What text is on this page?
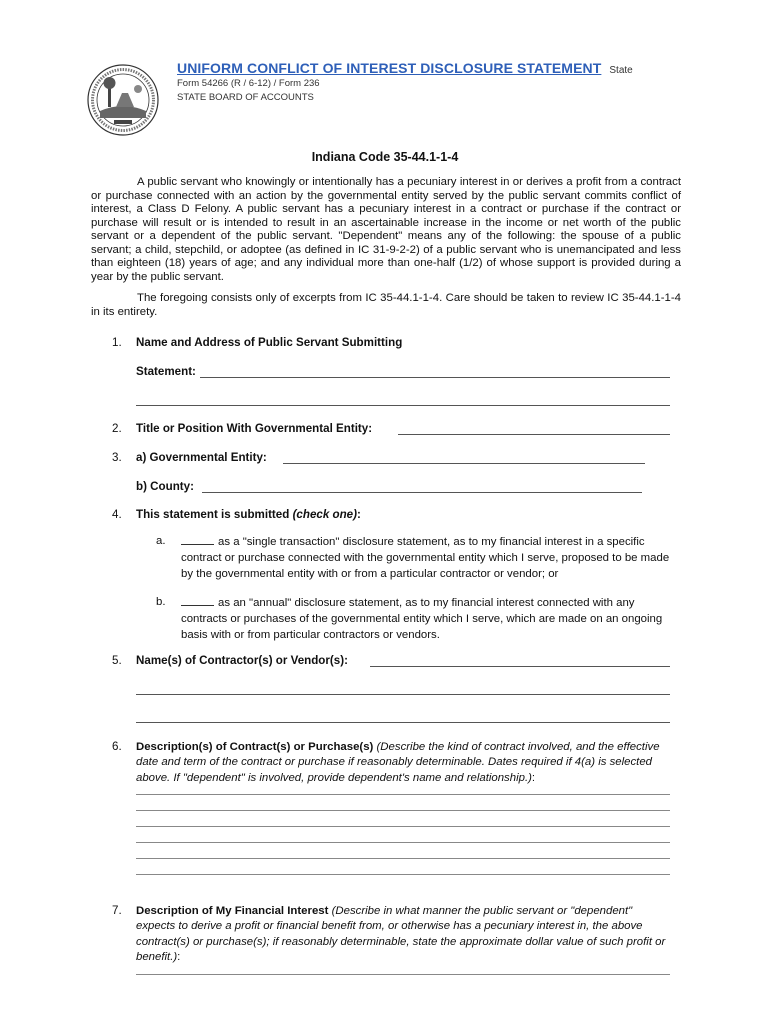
UNIFORM CONFLICT OF INTEREST DISCLOSURE STATEMENT State
Form 54266 (R / 6-12) / Form 236
STATE BOARD OF ACCOUNTS
Indiana Code 35-44.1-1-4
A public servant who knowingly or intentionally has a pecuniary interest in or derives a profit from a contract or purchase connected with an action by the governmental entity served by the public servant commits conflict of interest, a Class D Felony. A public servant has a pecuniary interest in a contract or purchase if the contract or purchase will result or is intended to result in an ascertainable increase in the income or net worth of the public servant or a dependent of the public servant. "Dependent" means any of the following: the spouse of a public servant; a child, stepchild, or adoptee (as defined in IC 31-9-2-2) of a public servant who is unemancipated and less than eighteen (18) years of age; and any individual more than one-half (1/2) of whose support is provided during a year by the public servant.
The foregoing consists only of excerpts from IC 35-44.1-1-4. Care should be taken to review IC 35-44.1-1-4 in its entirety.
1. Name and Address of Public Servant Submitting
Statement:
2. Title or Position With Governmental Entity:
3. a) Governmental Entity:
b) County:
4. This statement is submitted (check one):
a.	as a "single transaction" disclosure statement, as to my financial interest in a specific contract or purchase connected with the governmental entity which I serve, proposed to be made by the governmental entity with or from a particular contractor or vendor; or
b.	as an "annual" disclosure statement, as to my financial interest connected with any contracts or purchases of the governmental entity which I serve, which are made on an ongoing basis with or from particular contractors or vendors.
5. Name(s) of Contractor(s) or Vendor(s):
6. Description(s) of Contract(s) or Purchase(s) (Describe the kind of contract involved, and the effective date and term of the contract or purchase if reasonably determinable. Dates required if 4(a) is selected above. If "dependent" is involved, provide dependent's name and relationship.):
7. Description of My Financial Interest (Describe in what manner the public servant or "dependent" expects to derive a profit or financial benefit from, or otherwise has a pecuniary interest in, the above contract(s) or purchase(s); if reasonably determinable, state the approximate dollar value of such profit or benefit.):
